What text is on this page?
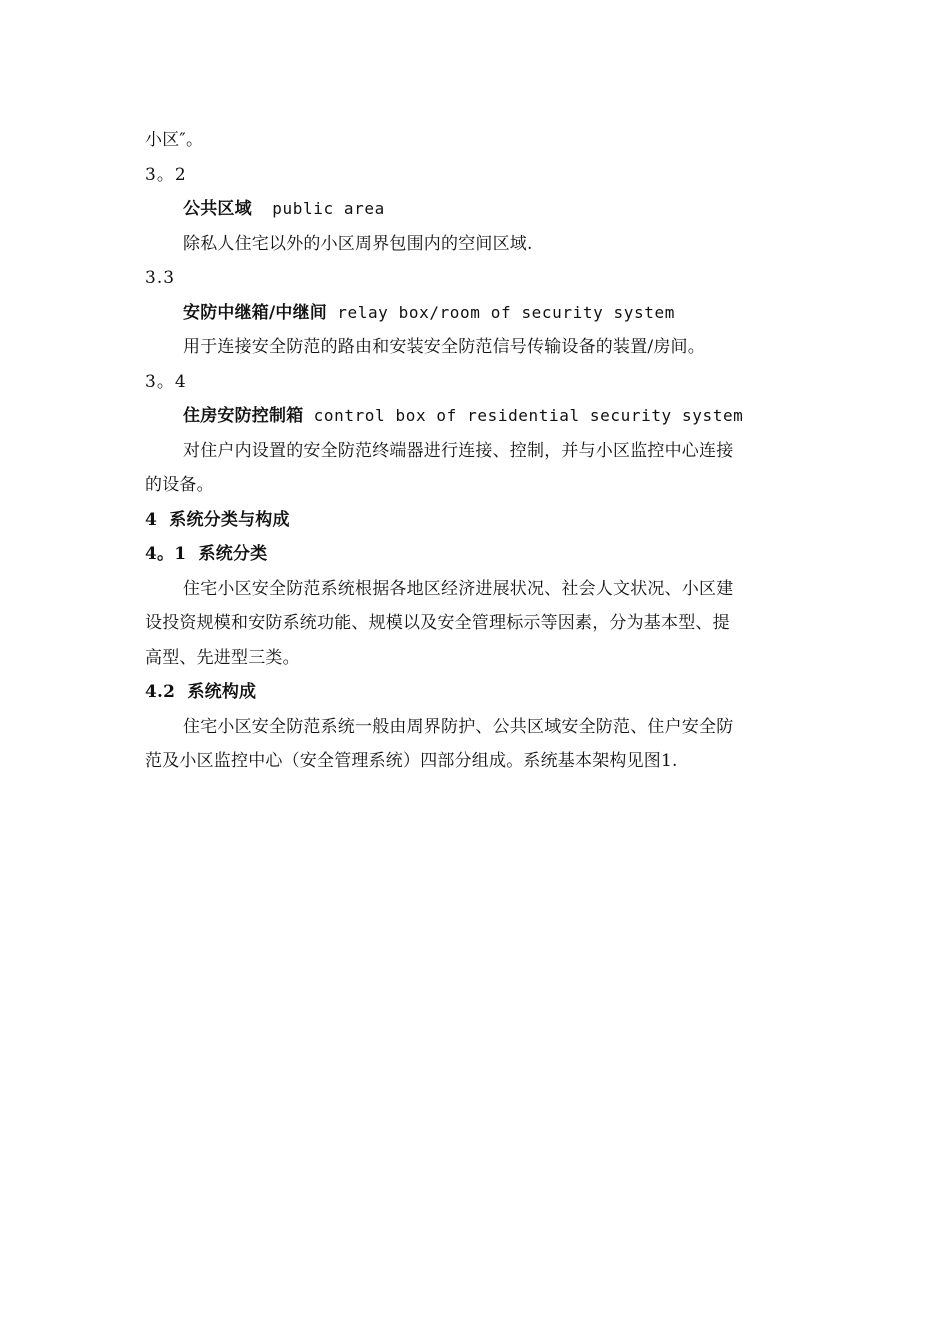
小区″。

3。2

公共区域 public area

除私人住宅以外的小区周界包围内的空间区域.

3.3

安防中继箱/中继间 relay box/room of security system

用于连接安全防范的路由和安装安全防范信号传输设备的装置/房间。

3。4

住房安防控制箱 control box of residential security system

对住户内设置的安全防范终端器进行连接、控制，并与小区监控中心连接

的设备。

4 系统分类与构成

4。1 系统分类

住宅小区安全防范系统根据各地区经济进展状况、社会人文状况、小区建

设投资规模和安防系统功能、规模以及安全管理标示等因素，分为基本型、提

高型、先进型三类。

4.2 系统构成

住宅小区安全防范系统一般由周界防护、公共区域安全防范、住户安全防

范及小区监控中心（安全管理系统）四部分组成。系统基本架构见图1.
